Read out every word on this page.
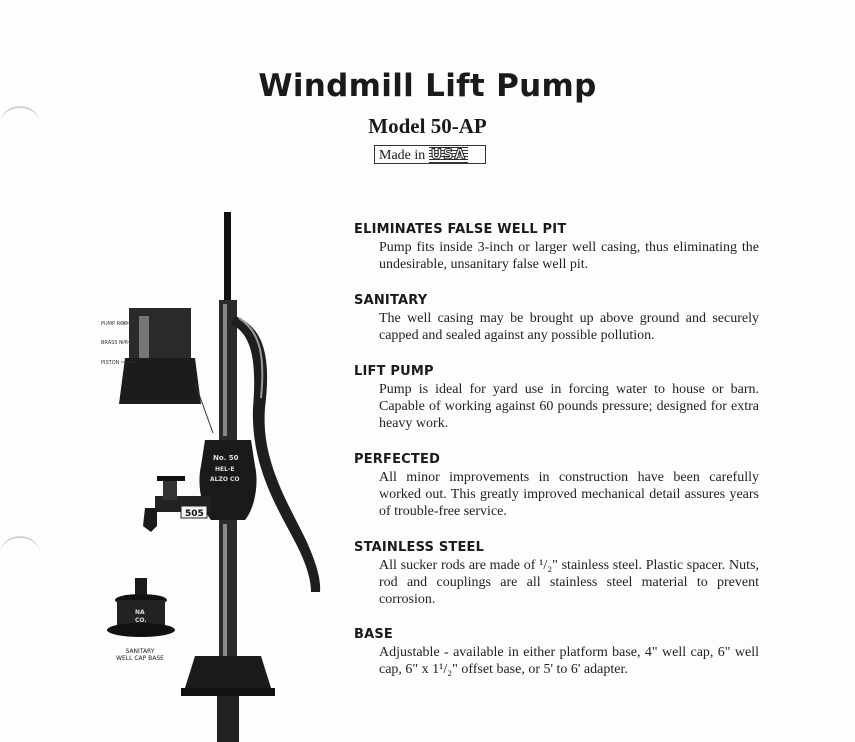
Windmill Lift Pump
Model 50-AP
Made in USA
ELIMINATES FALSE WELL PIT

Pump fits inside 3-inch or larger well casing, thus eliminating the undesirable, unsanitary false well pit.

SANITARY

The well casing may be brought up above ground and securely capped and sealed against any possible pollution.

LIFT PUMP

Pump is ideal for yard use in forcing water to house or barn. Capable of working against 60 pounds pressure; designed for extra heavy work.

PERFECTED

All minor improvements in construction have been carefully worked out. This greatly improved mechanical detail assures years of trouble-free service.

STAINLESS STEEL

All sucker rods are made of ¹/₂" stainless steel. Plastic spacer. Nuts, rod and couplings are all stainless steel material to prevent corrosion.

BASE

Adjustable - available in either platform base, 4" well cap, 6" well cap, 6" x 1¹/₂" offset base, or 5' to 6' adapter.

No. 50
HEL-E
ALZO CO
505
PUMP ROD
BRASS N.T.
PISTON
NA
CO.
SANITARY
WELL CAP BASE
